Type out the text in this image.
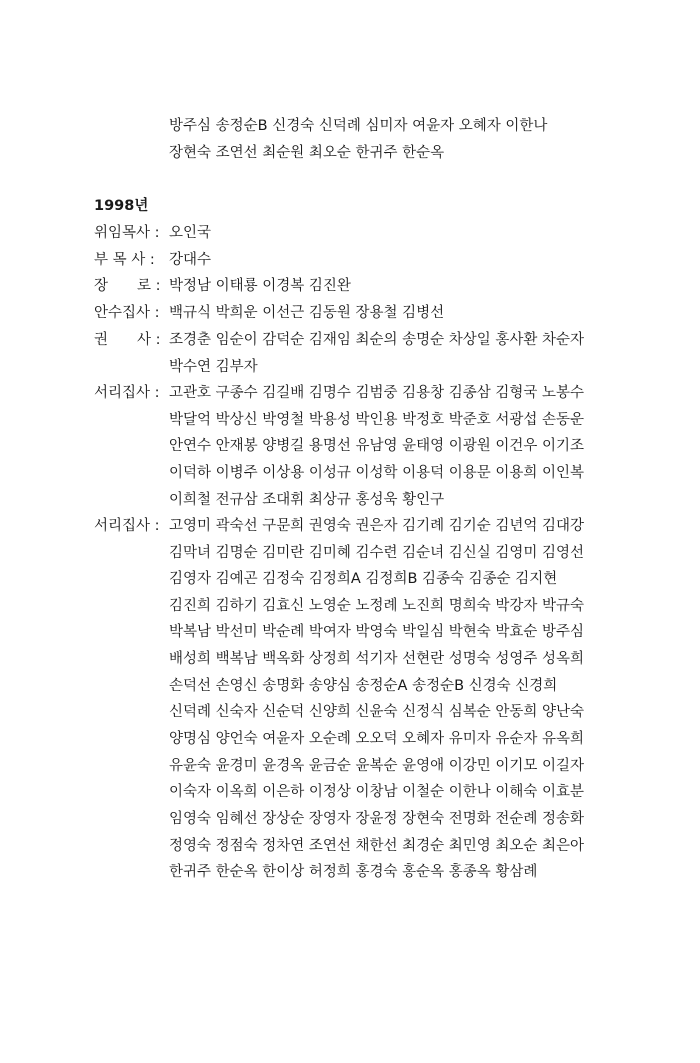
방주심 송정순B 신경숙 신덕례 심미자 여윤자 오혜자 이한나
장현숙 조연선 최순원 최오순 한귀주 한순옥
1998년
위임목사 : 오인국
부 목 사 : 강대수
장　　로 : 박정남 이태룡 이경복 김진완
안수집사 : 백규식 박희운 이선근 김동원 장용철 김병선
권　　사 : 조경춘 임순이 감덕순 김재임 최순의 송명순 차상일 홍사환 차순자
박수연 김부자
서리집사 : 고관호 구종수 김길배 김명수 김범중 김용창 김종삼 김형국 노봉수
박달억 박상신 박영철 박용성 박인용 박정호 박준호 서광섭 손동운
안연수 안재봉 양병길 용명선 유남영 윤태영 이광원 이건우 이기조
이덕하 이병주 이상용 이성규 이성학 이용덕 이용문 이용희 이인복
이희철 전규삼 조대휘 최상규 홍성욱 황인구
서리집사 : 고영미 곽숙선 구문희 권영숙 권은자 김기례 김기순 김년억 김대강
김막녀 김명순 김미란 김미혜 김수련 김순녀 김신실 김영미 김영선
김영자 김예곤 김정숙 김정희A 김정희B 김종숙 김종순 김지현
김진희 김하기 김효신 노영순 노정례 노진희 명희숙 박강자 박규숙
박복남 박선미 박순례 박여자 박영숙 박일심 박현숙 박효순 방주심
배성희 백복남 백옥화 상정희 석기자 선현란 성명숙 성영주 성옥희
손덕선 손영신 송명화 송양심 송정순A 송정순B 신경숙 신경희
신덕례 신숙자 신순덕 신양희 신윤숙 신정식 심복순 안동희 양난숙
양명심 양언숙 여윤자 오순례 오오덕 오혜자 유미자 유순자 유옥희
유윤숙 윤경미 윤경옥 윤금순 윤복순 윤영애 이강민 이기모 이길자
이숙자 이옥희 이은하 이정상 이창남 이철순 이한나 이해숙 이효분
임영숙 임혜선 장상순 장영자 장윤정 장현숙 전명화 전순례 정송화
정영숙 정점숙 정차연 조연선 채한선 최경순 최민영 최오순 최은아
한귀주 한순옥 한이상 허정희 홍경숙 홍순옥 홍종옥 황삼례
